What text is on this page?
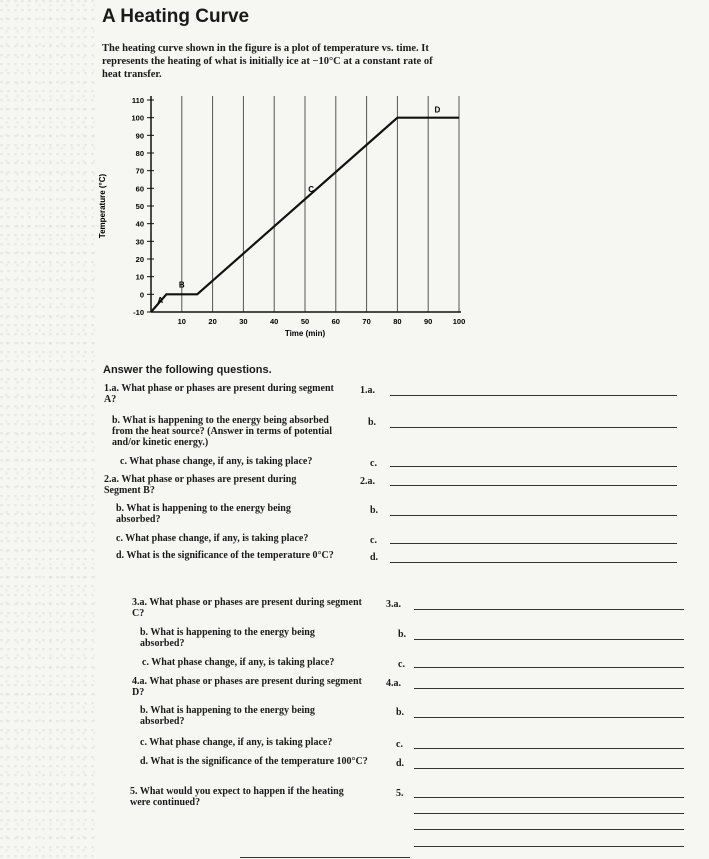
A Heating Curve

The heating curve shown in the figure is a plot of temperature vs. time. It represents the heating of what is initially ice at −10°C at a constant rate of heat transfer.

110
100
90
80
70
60
50
40
30
20
10
0
-10
10	20	30	40	50	60	70	80	90	100
Time (min)
Temperature (°C)
A
B
C
D

Answer the following questions.

1.a. What phase or phases are present during segment A?

1.a.

b. What is happening to the energy being absorbed from the heat source? (Answer in terms of potential and/or kinetic energy.)

b.

c. What phase change, if any, is taking place?	c.

2.a. What phase or phases are present during Segment B?

2.a.

b. What is happening to the energy being absorbed?

b.

c. What phase change, if any, is taking place?	c.

d. What is the significance of the temperature 0°C?	d.

3.a. What phase or phases are present during segment C?

3.a.

b. What is happening to the energy being absorbed?

b.

c. What phase change, if any, is taking place?	c.

4.a. What phase or phases are present during segment D?

4.a.

b. What is happening to the energy being absorbed?

b.

c. What phase change, if any, is taking place?	c.

d. What is the significance of the temperature 100°C?	d.

5. What would you expect to happen if the heating were continued?

5.
